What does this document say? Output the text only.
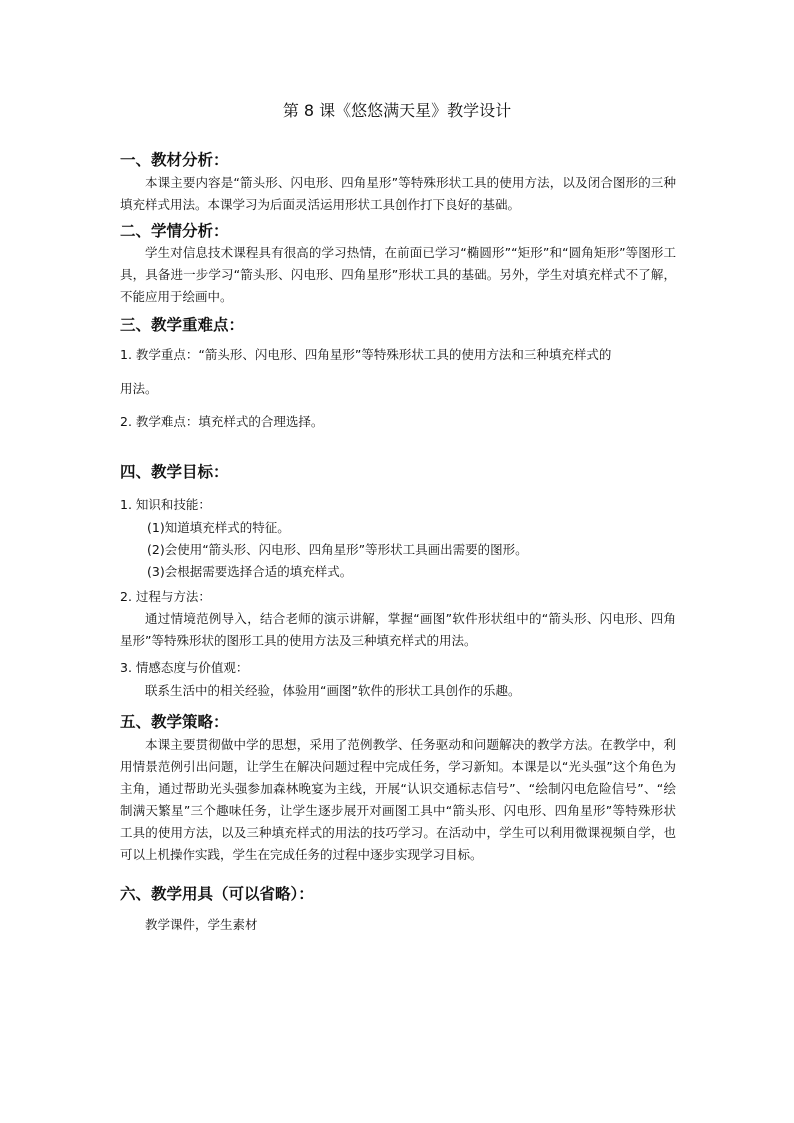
第 8 课《悠悠满天星》教学设计
一、教材分析：
本课主要内容是“箭头形、闪电形、四角星形”等特殊形状工具的使用方法，以及闭合图形的三种填充样式用法。本课学习为后面灵活运用形状工具创作打下良好的基础。
二、学情分析：
学生对信息技术课程具有很高的学习热情，在前面已学习“椭圆形”“矩形”和“圆角矩形”等图形工具，具备进一步学习“箭头形、闪电形、四角星形”形状工具的基础。另外，学生对填充样式不了解，不能应用于绘画中。
三、教学重难点：
1. 教学重点：“箭头形、闪电形、四角星形”等特殊形状工具的使用方法和三种填充样式的
用法。
2. 教学难点：填充样式的合理选择。
四、教学目标：
1. 知识和技能：
(1)知道填充样式的特征。
(2)会使用“箭头形、闪电形、四角星形”等形状工具画出需要的图形。
(3)会根据需要选择合适的填充样式。
2. 过程与方法：
通过情境范例导入，结合老师的演示讲解，掌握“画图”软件形状组中的“箭头形、闪电形、四角星形”等特殊形状的图形工具的使用方法及三种填充样式的用法。
3. 情感态度与价值观：
联系生活中的相关经验，体验用“画图”软件的形状工具创作的乐趣。
五、教学策略：
本课主要贯彻做中学的思想，采用了范例教学、任务驱动和问题解决的教学方法。在教学中，利用情景范例引出问题，让学生在解决问题过程中完成任务，学习新知。本课是以“光头强”这个角色为主角，通过帮助光头强参加森林晚宴为主线，开展“认识交通标志信号”、“绘制闪电危险信号”、“绘制满天繁星”三个趣味任务，让学生逐步展开对画图工具中“箭头形、闪电形、四角星形”等特殊形状工具的使用方法，以及三种填充样式的用法的技巧学习。在活动中，学生可以利用微课视频自学，也可以上机操作实践，学生在完成任务的过程中逐步实现学习目标。
六、教学用具（可以省略）：
教学课件，学生素材
